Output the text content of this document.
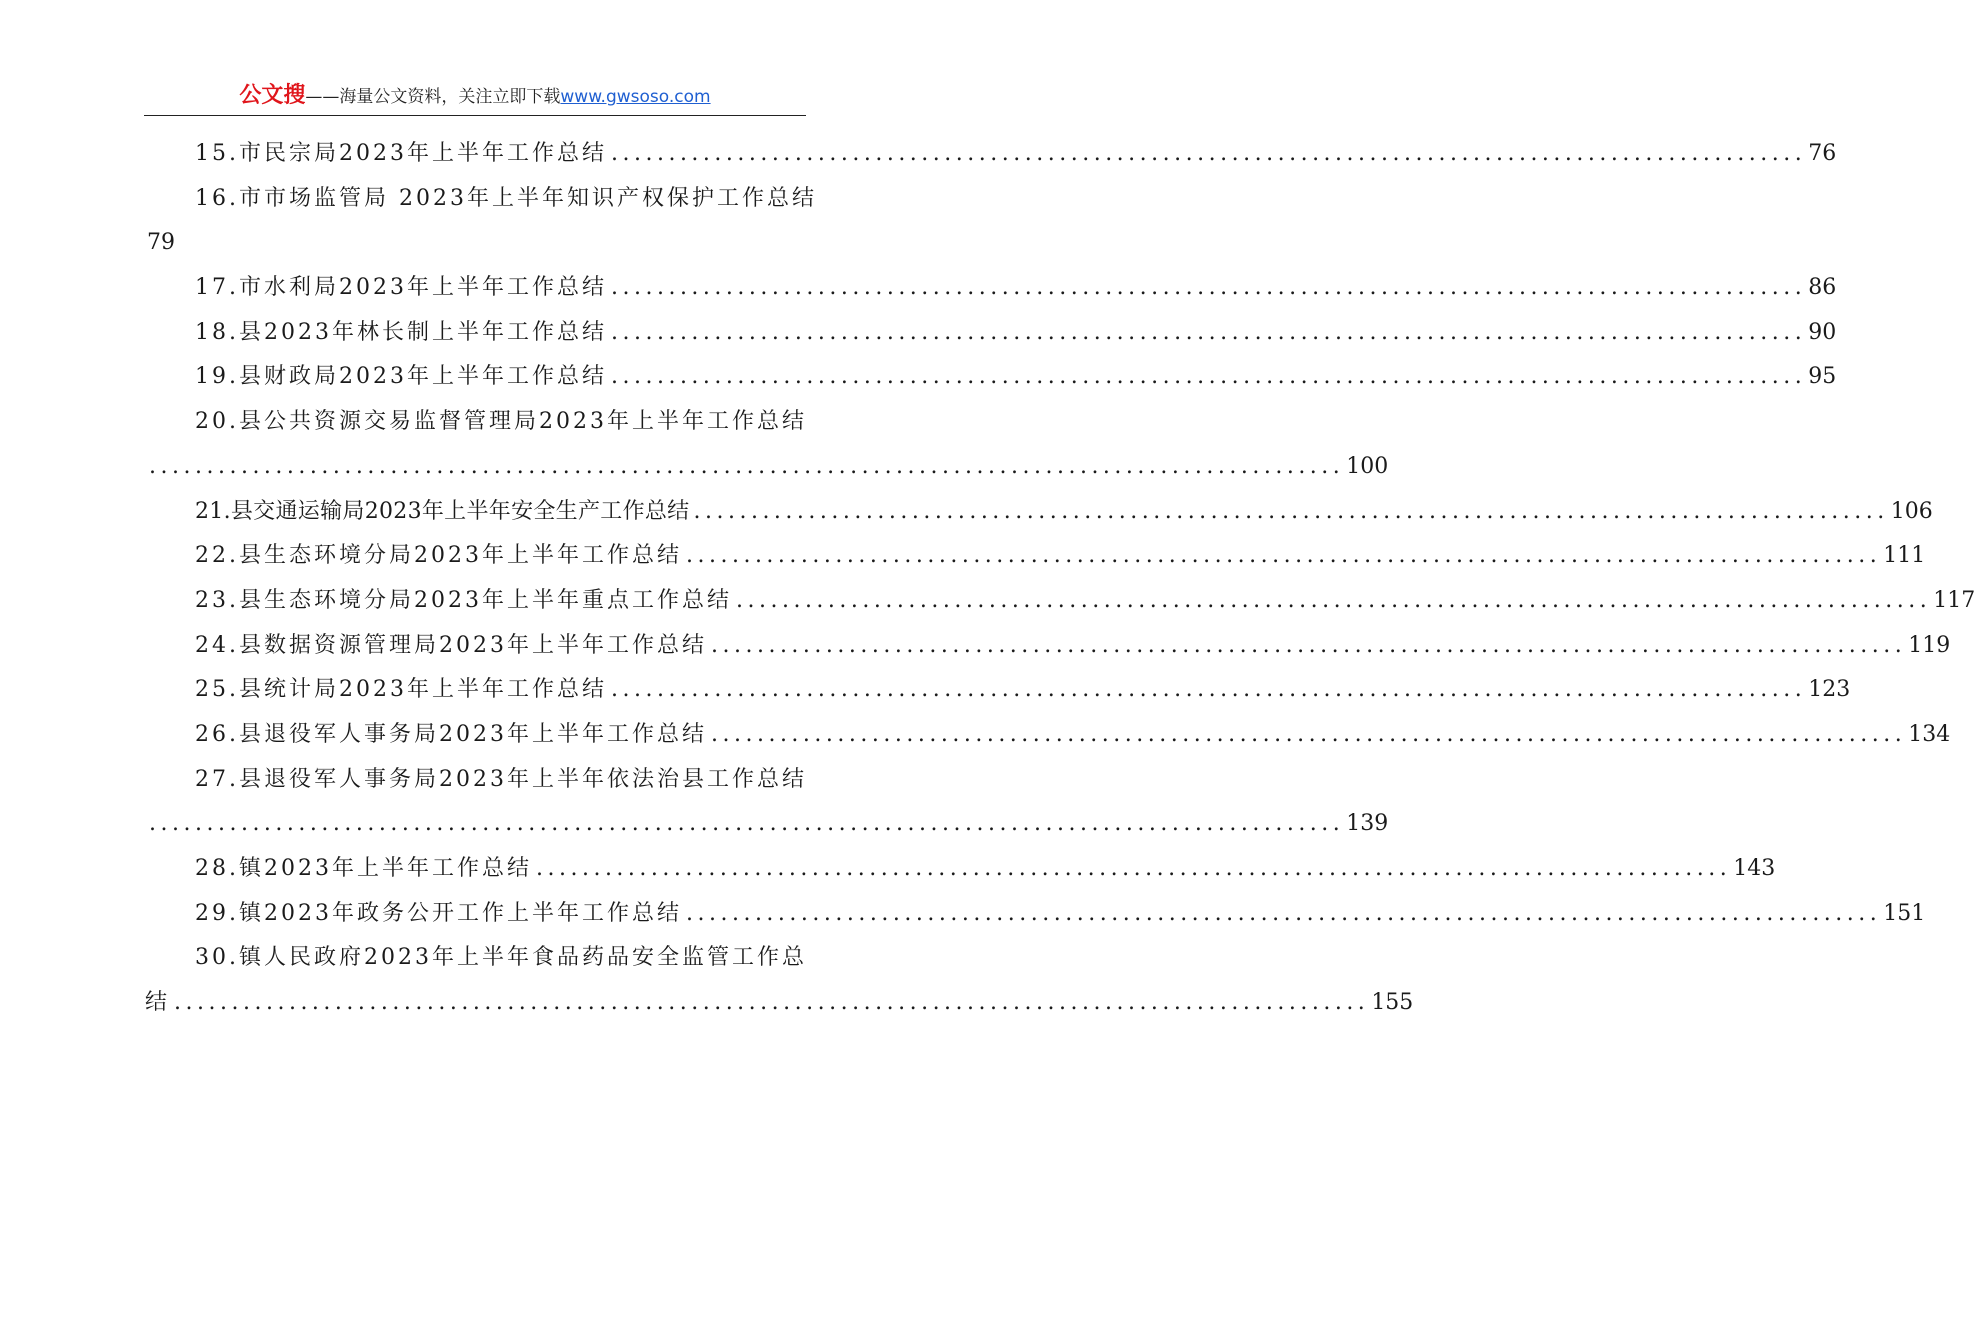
公文搜——海量公文资料，关注立即下载www.gwsoso.com
15.市民宗局2023年上半年工作总结 ........................................................................................................ 76
16.市市场监管局 2023年上半年知识产权保护工作总结
79
17.市水利局2023年上半年工作总结 ........................................................................................................ 86
18.县2023年林长制上半年工作总结 ........................................................................................................ 90
19.县财政局2023年上半年工作总结 ........................................................................................................ 95
20.县公共资源交易监督管理局2023年上半年工作总结
........................................................................................................ 100
21.县交通运输局2023年上半年安全生产工作总结 ........................................................................................................ 106
22.县生态环境分局2023年上半年工作总结 ........................................................................................................ 111
23.县生态环境分局2023年上半年重点工作总结 ........................................................................................................ 117
24.县数据资源管理局2023年上半年工作总结 ........................................................................................................ 119
25.县统计局2023年上半年工作总结 ........................................................................................................ 123
26.县退役军人事务局2023年上半年工作总结 ........................................................................................................ 134
27.县退役军人事务局2023年上半年依法治县工作总结
........................................................................................................ 139
28.镇2023年上半年工作总结 ........................................................................................................ 143
29.镇2023年政务公开工作上半年工作总结 ........................................................................................................ 151
30.镇人民政府2023年上半年食品药品安全监管工作总
结 ........................................................................................................ 155
